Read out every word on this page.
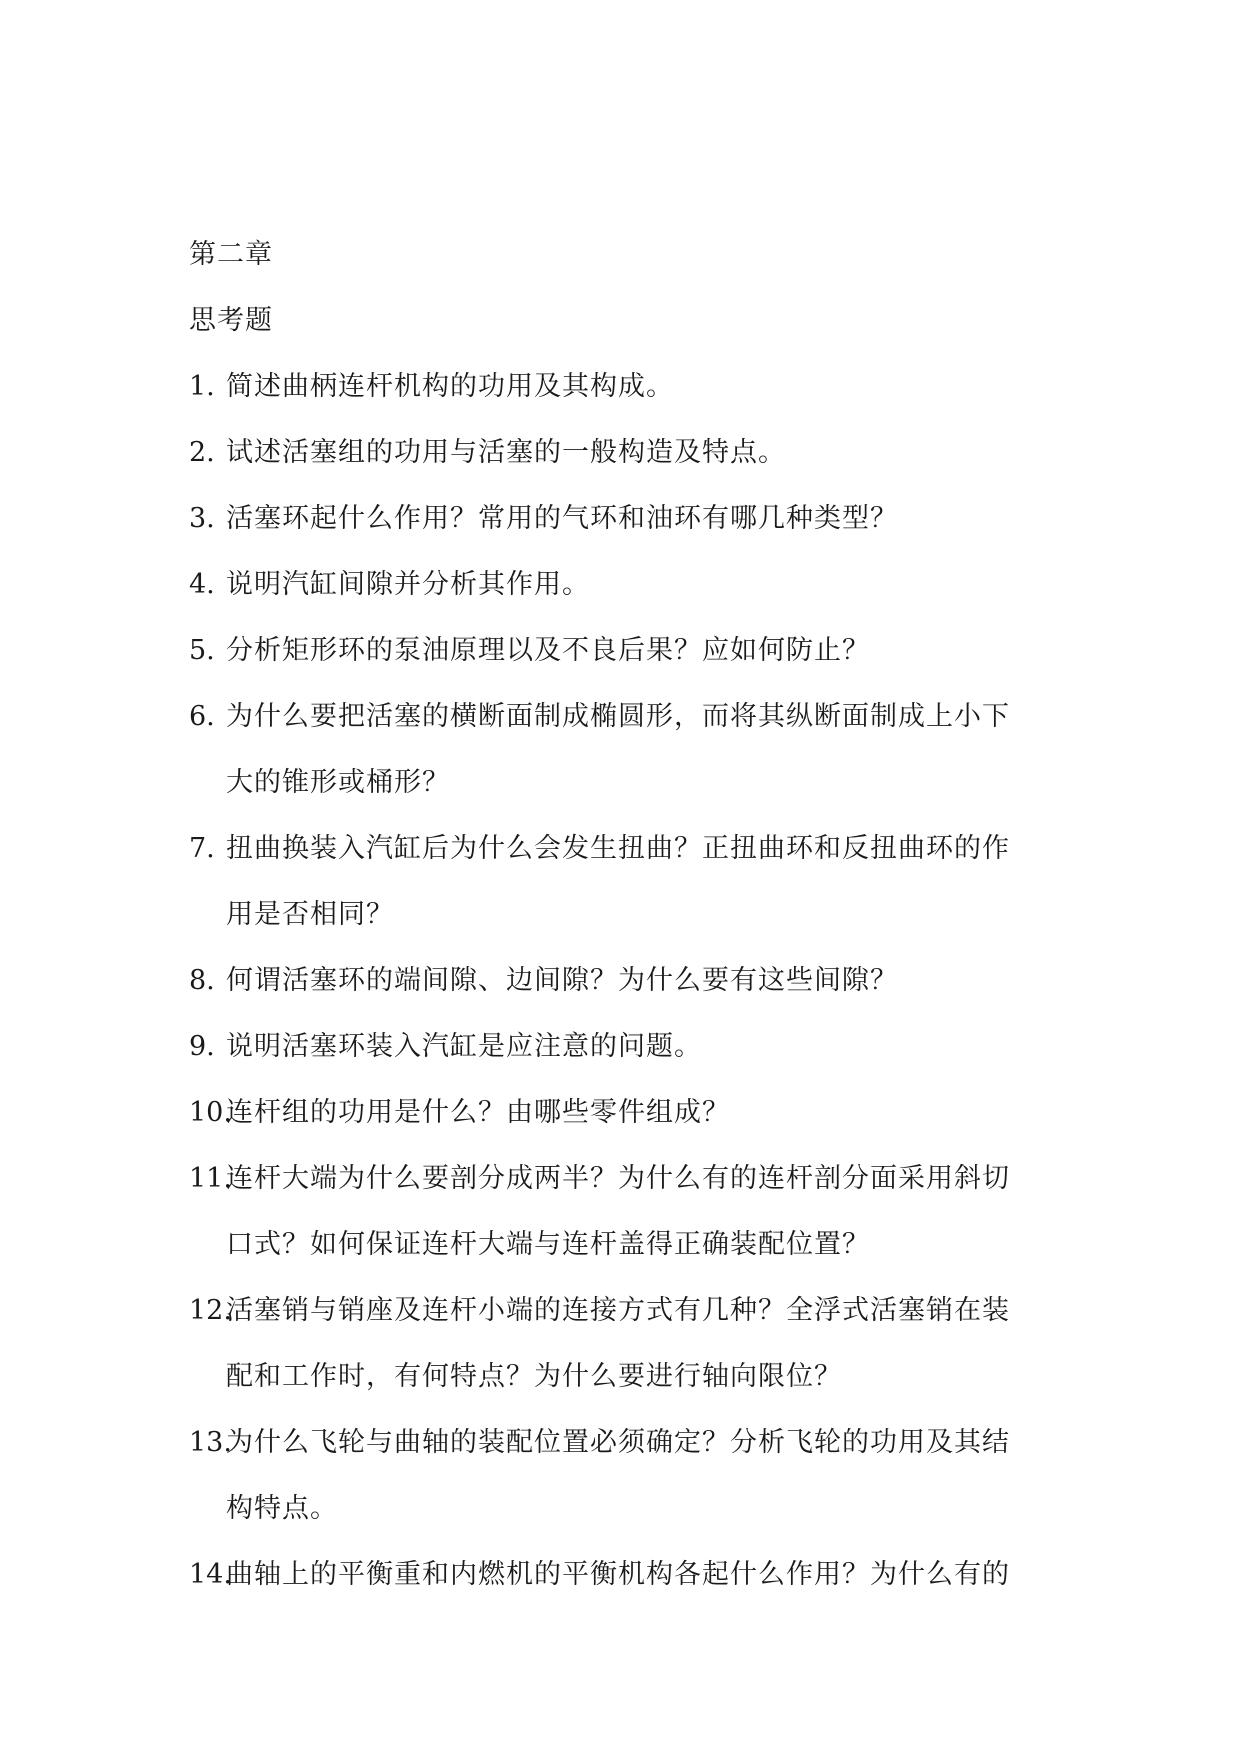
第二章
思考题
1. 简述曲柄连杆机构的功用及其构成。
2. 试述活塞组的功用与活塞的一般构造及特点。
3. 活塞环起什么作用？常用的气环和油环有哪几种类型？
4. 说明汽缸间隙并分析其作用。
5. 分析矩形环的泵油原理以及不良后果？应如何防止？
6. 为什么要把活塞的横断面制成椭圆形，而将其纵断面制成上小下
大的锥形或桶形？
7. 扭曲换装入汽缸后为什么会发生扭曲？正扭曲环和反扭曲环的作
用是否相同？
8. 何谓活塞环的端间隙、边间隙？为什么要有这些间隙？
9. 说明活塞环装入汽缸是应注意的问题。
10.
连杆组的功用是什么？由哪些零件组成？
11.
连杆大端为什么要剖分成两半？为什么有的连杆剖分面采用斜切
口式？如何保证连杆大端与连杆盖得正确装配位置？
12.
活塞销与销座及连杆小端的连接方式有几种？全浮式活塞销在装
配和工作时，有何特点？为什么要进行轴向限位？
13.
为什么飞轮与曲轴的装配位置必须确定？分析飞轮的功用及其结
构特点。
14.
曲轴上的平衡重和内燃机的平衡机构各起什么作用？为什么有的
